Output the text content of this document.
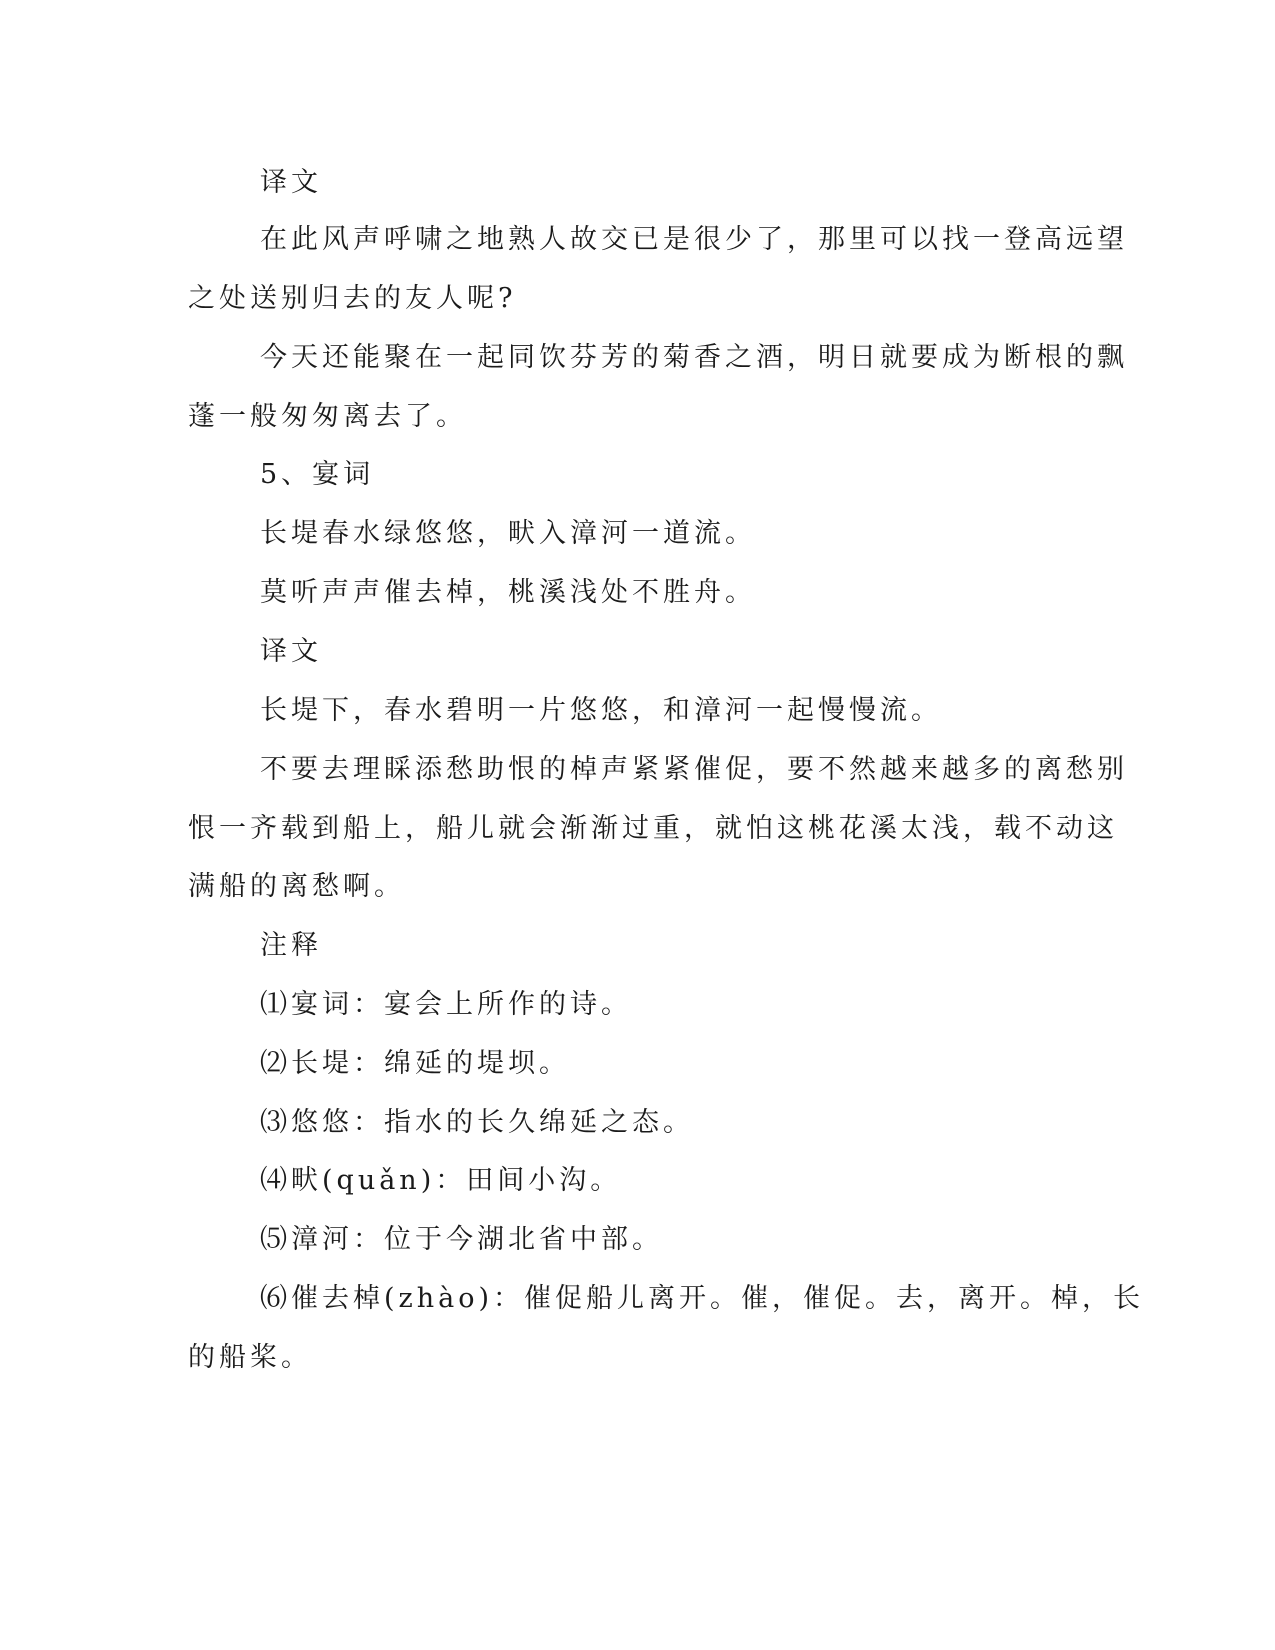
译文

在此风声呼啸之地熟人故交已是很少了，那里可以找一登高远望

之处送别归去的友人呢?

今天还能聚在一起同饮芬芳的菊香之酒，明日就要成为断根的飘

蓬一般匆匆离去了。

5、宴词

长堤春水绿悠悠，畎入漳河一道流。

莫听声声催去棹，桃溪浅处不胜舟。

译文

长堤下，春水碧明一片悠悠，和漳河一起慢慢流。

不要去理睬添愁助恨的棹声紧紧催促，要不然越来越多的离愁别

恨一齐载到船上，船儿就会渐渐过重，就怕这桃花溪太浅，载不动这

满船的离愁啊。

注释

⑴宴词：宴会上所作的诗。

⑵长堤：绵延的堤坝。

⑶悠悠：指水的长久绵延之态。

⑷畎(quǎn)：田间小沟。

⑸漳河：位于今湖北省中部。

⑹催去棹(zhào)：催促船儿离开。催，催促。去，离开。棹，长

的船桨。
